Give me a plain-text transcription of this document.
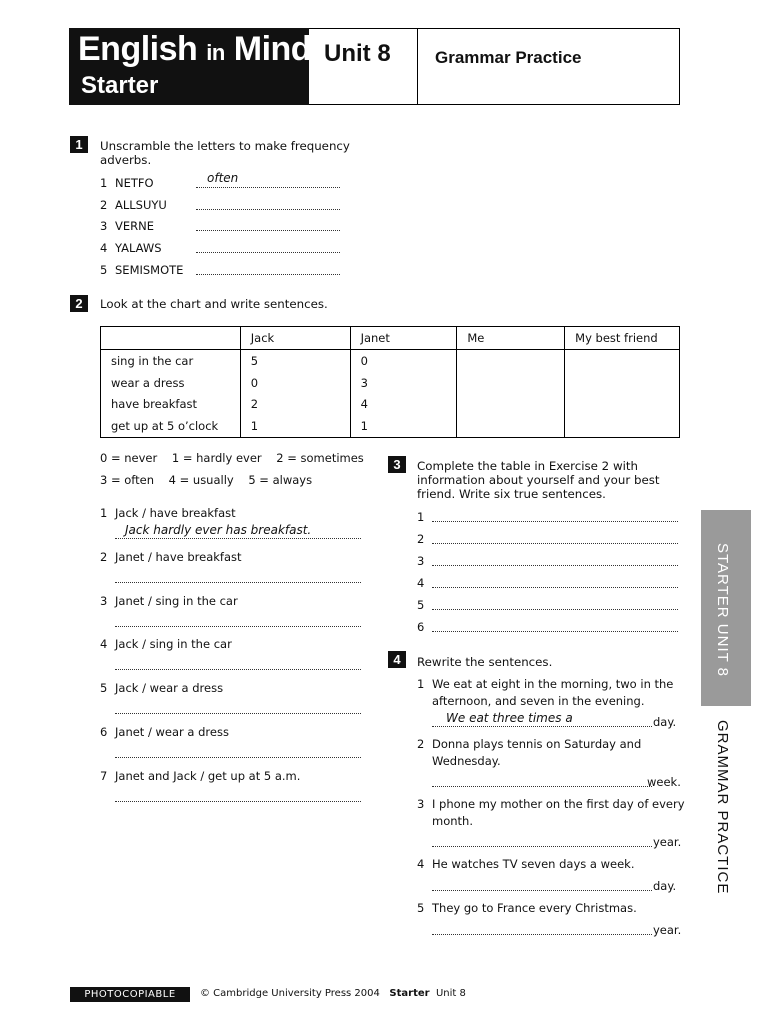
English in Mind
Starter
Unit 8	Grammar Practice
1	Unscramble the letters to make frequency
adverbs.
2	Look at the chart and write sentences.
	Jack	Janet	Me	My best friend
sing in the car	5	0		
wear a dress	0	3		
have breakfast	2	4		
get up at 5 o’clock	1	1		
0 = never    1 = hardly ever    2 = sometimes
3 = often    4 = usually    5 = always
3	Complete the table in Exercise 2 with
information about yourself and your best
friend. Write six true sentences.
4	Rewrite the sentences.	STARTER UNIT 8
GRAMMAR PRACTICE
PHOTOCOPIABLE	© Cambridge University Press 2004 Starter Unit 8
1 NETFO	often
2 ALLSUYU
3 VERNE
4 YALAWS
5 SEMISMOTE
1 Jack / have breakfast
Jack hardly ever has breakfast.
2 Janet / have breakfast
3 Janet / sing in the car
4 Jack / sing in the car
5 Jack / wear a dress
6 Janet / wear a dress
7 Janet and Jack / get up at 5 a.m.
1
2
3
4
5
6
1 We eat at eight in the morning, two in the
afternoon, and seven in the evening.
day.
We eat three times a
2 Donna plays tennis on Saturday and
Wednesday.
week.
3 I phone my mother on the first day of every
month.
year.
4 He watches TV seven days a week.
day.
5 They go to France every Christmas.
year.
